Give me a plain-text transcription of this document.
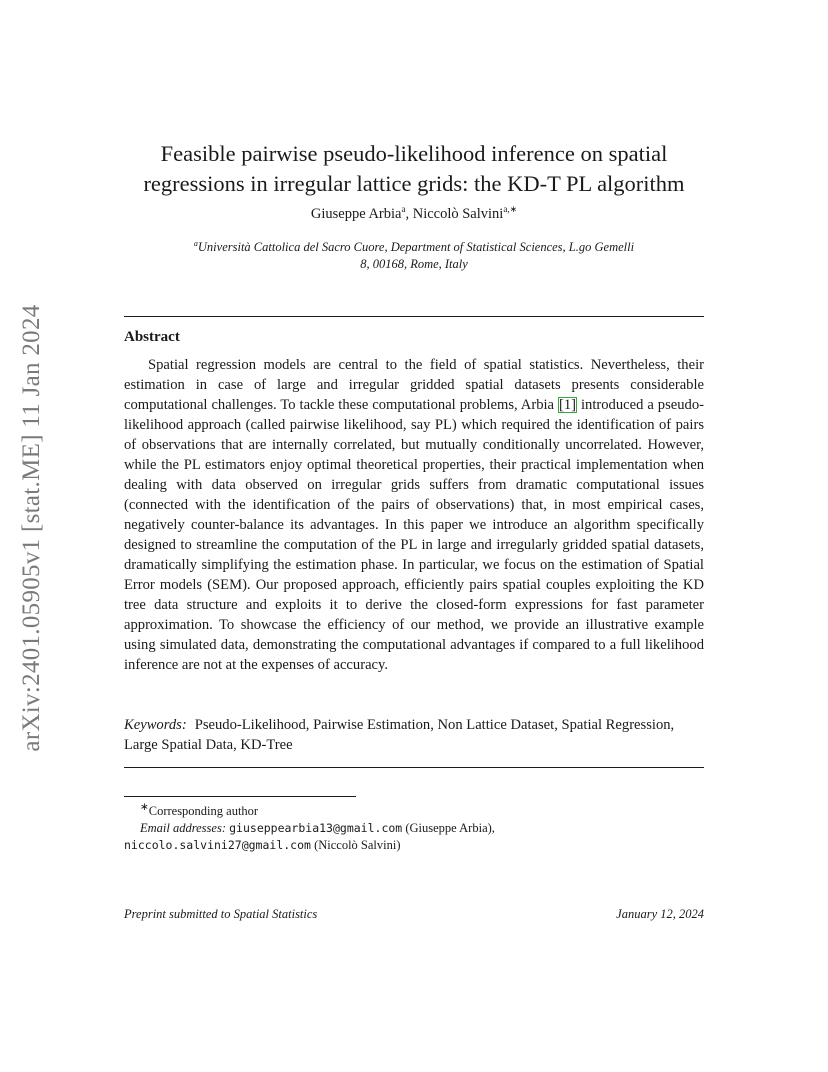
arXiv:2401.05905v1 [stat.ME] 11 Jan 2024
Feasible pairwise pseudo-likelihood inference on spatial
regressions in irregular lattice grids: the KD-T PL algorithm
Giuseppe Arbia$^a$, Niccolò Salvini$^{a,∗}$
$^a$Università Cattolica del Sacro Cuore, Department of Statistical Sciences, L.go Gemelli
8, 00168, Rome, Italy
Abstract

Spatial regression models are central to the field of spatial statistics. Nevertheless, their estimation in case of large and irregular gridded spatial datasets presents considerable computational challenges. To tackle these computational problems, Arbia [1] introduced a pseudo-likelihood approach (called pairwise likelihood, say PL) which required the identification of pairs of observations that are internally correlated, but mutually conditionally uncorrelated. However, while the PL estimators enjoy optimal theoretical properties, their practical implementation when dealing with data observed on irregular grids suffers from dramatic computational issues (connected with the identification of the pairs of observations) that, in most empirical cases, negatively counter-balance its advantages. In this paper we introduce an algorithm specifically designed to streamline the computation of the PL in large and irregularly gridded spatial datasets, dramatically simplifying the estimation phase. In particular, we focus on the estimation of Spatial Error models (SEM). Our proposed approach, efficiently pairs spatial couples exploiting the KD tree data structure and exploits it to derive the closed-form expressions for fast parameter approximation. To showcase the efficiency of our method, we provide an illustrative example using simulated data, demonstrating the computational advantages if compared to a full likelihood inference are not at the expenses of accuracy.

Keywords: Pseudo-Likelihood, Pairwise Estimation, Non Lattice Dataset, Spatial Regression, Large Spatial Data, KD-Tree
∗Corresponding author
Email addresses: giuseppearbia13@gmail.com (Giuseppe Arbia),
niccolo.salvini27@gmail.com (Niccolò Salvini)
Preprint submitted to Spatial Statistics	January 12, 2024
